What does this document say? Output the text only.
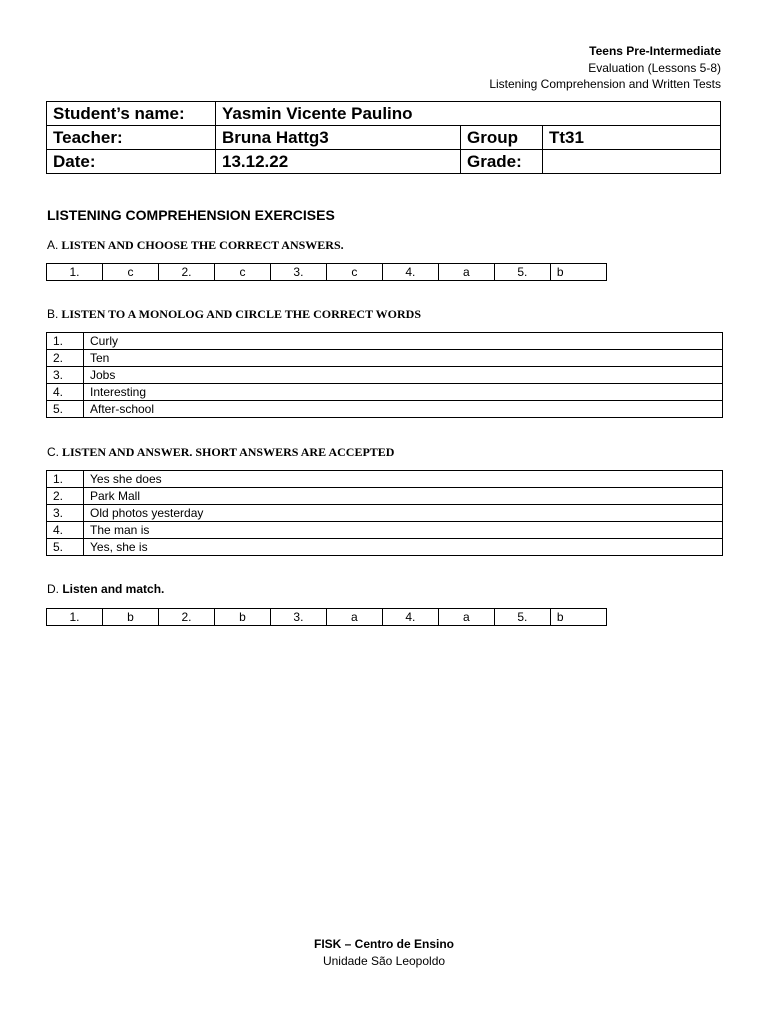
Teens Pre-Intermediate
Evaluation (Lessons 5-8)
Listening Comprehension and Written Tests
Student’s name:	Yasmin Vicente Paulino		
Teacher:	Bruna Hattg3	Group	Tt31
Date:	13.12.22	Grade:	
LISTENING COMPREHENSION EXERCISES
A. LISTEN AND CHOOSE THE CORRECT ANSWERS.
1.	c	2.	c	3.	c	4.	a	5.	b
B. LISTEN TO A MONOLOG AND CIRCLE THE CORRECT WORDS
1.	Curly
2.	Ten
3.	Jobs
4.	Interesting
5.	After-school
C. LISTEN AND ANSWER. SHORT ANSWERS ARE ACCEPTED
1.	Yes she does
2.	Park Mall
3.	Old photos yesterday
4.	The man is
5.	Yes, she is
D. Listen and match.
1.	b	2.	b	3.	a	4.	a	5.	b
FISK – Centro de Ensino
Unidade São Leopoldo
